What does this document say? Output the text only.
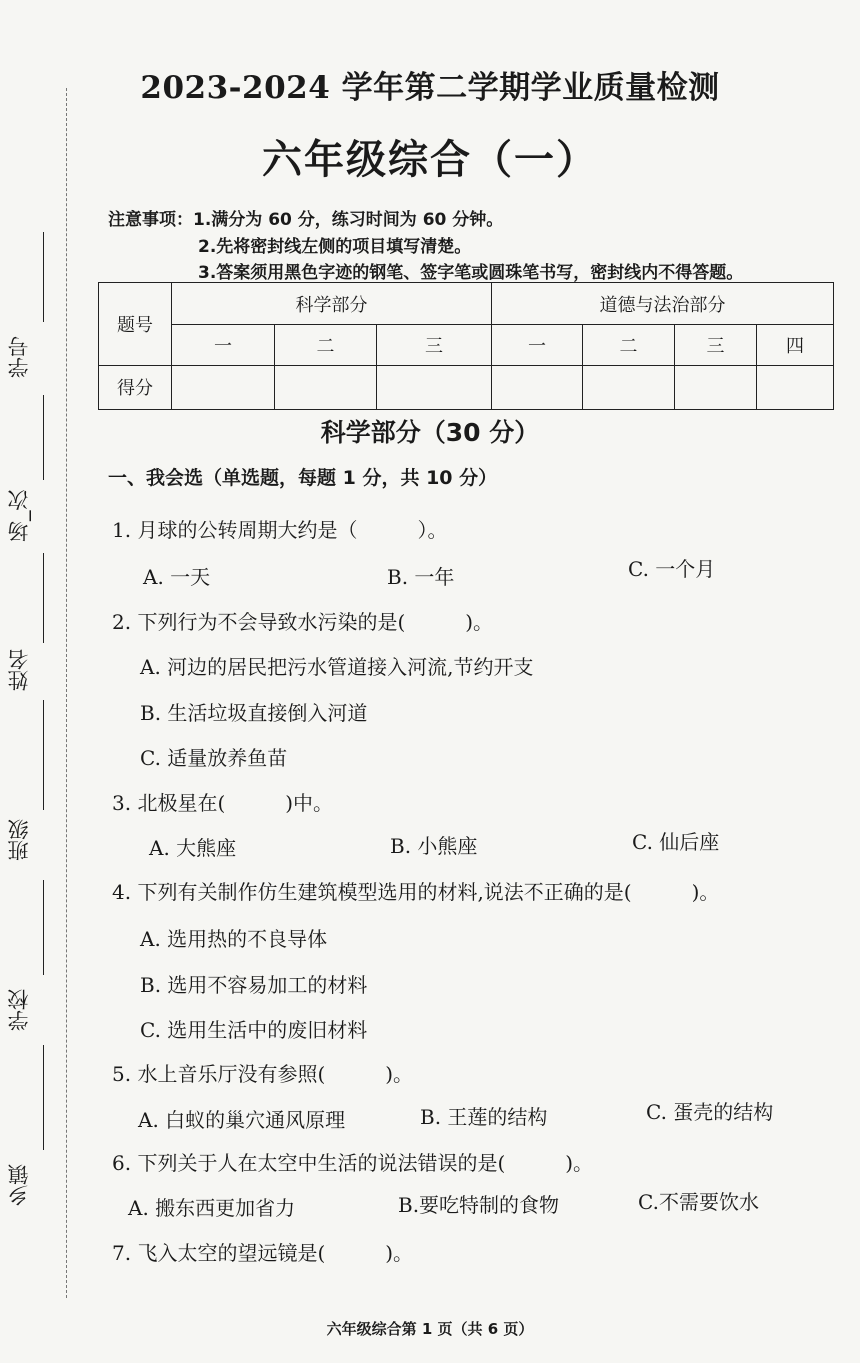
学号
场_次
姓名
班级
学校
乡镇
2023-2024 学年第二学期学业质量检测
六年级综合（一）
注意事项：1.满分为 60 分，练习时间为 60 分钟。
2.先将密封线左侧的项目填写清楚。
3.答案须用黑色字迹的钢笔、签字笔或圆珠笔书写，密封线内不得答题。
题号	科学部分			道德与法治部分			
	一	二	三	一	二	三	四
得分							
科学部分（30 分）
一、我会选（单选题，每题 1 分，共 10 分）
1. 月球的公转周期大约是（　　　）。
A. 一天	B. 一年	C. 一个月
2. 下列行为不会导致水污染的是(　　　)。
A. 河边的居民把污水管道接入河流,节约开支
B. 生活垃圾直接倒入河道
C. 适量放养鱼苗
3. 北极星在(　　　)中。
A. 大熊座	B. 小熊座	C. 仙后座
4. 下列有关制作仿生建筑模型选用的材料,说法不正确的是(　　　)。
A. 选用热的不良导体
B. 选用不容易加工的材料
C. 选用生活中的废旧材料
5. 水上音乐厅没有参照(　　　)。
A. 白蚁的巢穴通风原理	B. 王莲的结构	C. 蛋壳的结构
6. 下列关于人在太空中生活的说法错误的是(　　　)。
A. 搬东西更加省力	B.要吃特制的食物	C.不需要饮水
7. 飞入太空的望远镜是(　　　)。
六年级综合第 1 页（共 6 页）
